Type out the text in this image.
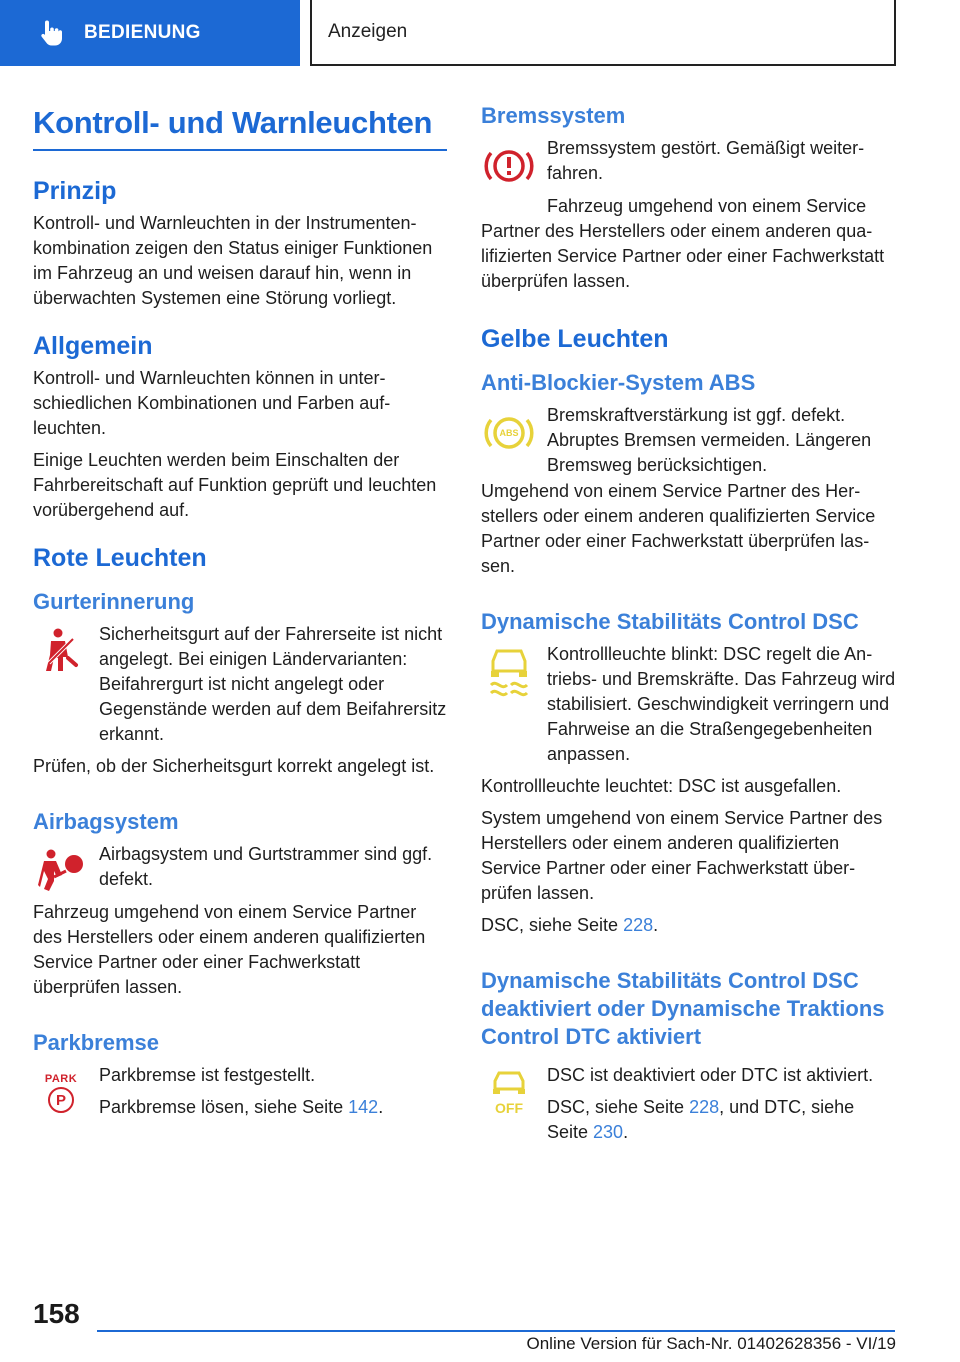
BEDIENUNG	Anzeigen
Kontroll- und Warnleuchten
Prinzip

Kontroll- und Warnleuchten in der Instrumentenkombination zeigen den Status einiger Funktionen im Fahrzeug an und weisen darauf hin, wenn in überwachten Systemen eine Störung vorliegt.

Allgemein

Kontroll- und Warnleuchten können in unterschiedlichen Kombinationen und Farben aufleuchten.

Einige Leuchten werden beim Einschalten der Fahrbereitschaft auf Funktion geprüft und leuchten vorübergehend auf.

Rote Leuchten
Gurterinnerung

Sicherheitsgurt auf der Fahrerseite ist nicht angelegt. Bei einigen Ländervarianten: Beifahrergurt ist nicht angelegt oder Gegenstände werden auf dem Beifahrersitz erkannt.

Prüfen, ob der Sicherheitsgurt korrekt angelegt ist.

Airbagsystem

Airbagsystem und Gurtstrammer sind ggf. defekt.

Fahrzeug umgehend von einem Service Partner des Herstellers oder einem anderen qualifizierten Service Partner oder einer Fachwerkstatt überprüfen lassen.

Parkbremse
PARK
P

Parkbremse ist festgestellt.

Parkbremse lösen, siehe Seite 142.

Bremssystem

Bremssystem gestört. Gemäßigt weiterfahren.

Fahrzeug umgehend von einem Service Partner des Herstellers oder einem anderen qualifizierten Service Partner oder einer Fachwerkstatt überprüfen lassen.

Gelbe Leuchten
Anti-Blockier-System ABS
ABS

Bremskraftverstärkung ist ggf. defekt. Abruptes Bremsen vermeiden. Längeren Bremsweg berücksichtigen.

Umgehend von einem Service Partner des Herstellers oder einem anderen qualifizierten Service Partner oder einer Fachwerkstatt überprüfen lassen.

Dynamische Stabilitäts Control DSC

Kontrollleuchte blinkt: DSC regelt die Antriebs- und Bremskräfte. Das Fahrzeug wird stabilisiert. Geschwindigkeit verringern und Fahrweise an die Straßengegebenheiten anpassen.

Kontrollleuchte leuchtet: DSC ist ausgefallen.

System umgehend von einem Service Partner des Herstellers oder einem anderen qualifizierten Service Partner oder einer Fachwerkstatt überprüfen lassen.

DSC, siehe Seite 228.

Dynamische Stabilitäts Control DSC deaktiviert oder Dynamische Traktions Control DTC aktiviert
OFF

DSC ist deaktiviert oder DTC ist aktiviert.

DSC, siehe Seite 228, und DTC, siehe Seite 230.

158
Online Version für Sach-Nr. 01402628356 - VI/19
